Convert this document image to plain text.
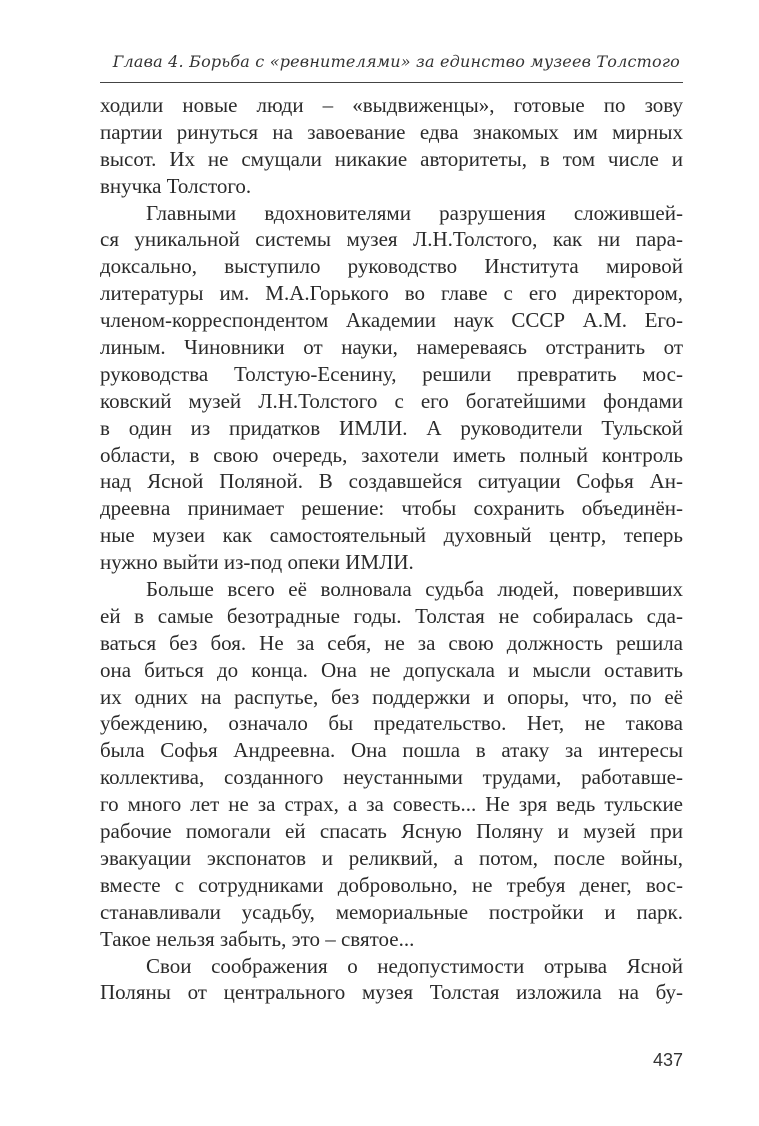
Глава 4. Борьба с «ревнителями» за единство музеев Толстого
ходили новые люди – «выдвиженцы», готовые по зову
партии ринуться на завоевание едва знакомых им мирных
высот. Их не смущали никакие авторитеты, в том числе и
внучка Толстого.
Главными вдохновителями разрушения сложившей-
ся уникальной системы музея Л.Н.Толстого, как ни пара-
доксально, выступило руководство Института мировой
литературы им. М.А.Горького во главе с его директором,
членом-корреспондентом Академии наук СССР А.М. Его-
линым. Чиновники от науки, намереваясь отстранить от
руководства Толстую-Есенину, решили превратить мос-
ковский музей Л.Н.Толстого с его богатейшими фондами
в один из придатков ИМЛИ. А руководители Тульской
области, в свою очередь, захотели иметь полный контроль
над Ясной Поляной. В создавшейся ситуации Софья Ан-
дреевна принимает решение: чтобы сохранить объединён-
ные музеи как самостоятельный духовный центр, теперь
нужно выйти из-под опеки ИМЛИ.
Больше всего её волновала судьба людей, поверивших
ей в самые безотрадные годы. Толстая не собиралась сда-
ваться без боя. Не за себя, не за свою должность решила
она биться до конца. Она не допускала и мысли оставить
их одних на распутье, без поддержки и опоры, что, по её
убеждению, означало бы предательство. Нет, не такова
была Софья Андреевна. Она пошла в атаку за интересы
коллектива, созданного неустанными трудами, работавше-
го много лет не за страх, а за совесть... Не зря ведь тульские
рабочие помогали ей спасать Ясную Поляну и музей при
эвакуации экспонатов и реликвий, а потом, после войны,
вместе с сотрудниками добровольно, не требуя денег, вос-
станавливали усадьбу, мемориальные постройки и парк.
Такое нельзя забыть, это – святое...
Свои соображения о недопустимости отрыва Ясной
Поляны от центрального музея Толстая изложила на бу-
437
